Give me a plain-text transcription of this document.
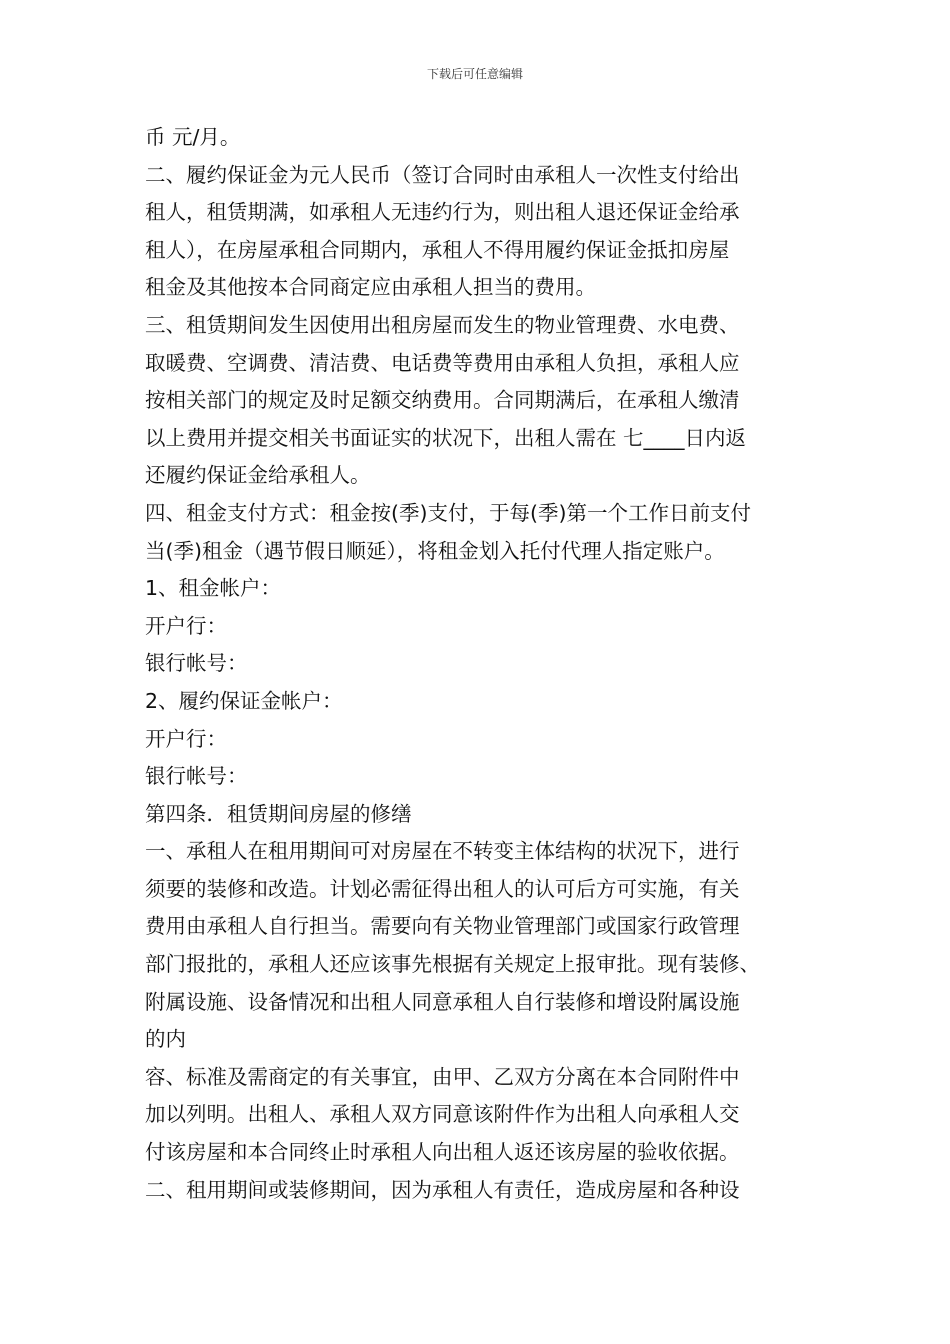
下载后可任意编辑
币 元/月。
二、履约保证金为元人民币（签订合同时由承租人一次性支付给出
租人，租赁期满，如承租人无违约行为，则出租人退还保证金给承
租人），在房屋承租合同期内，承租人不得用履约保证金抵扣房屋
租金及其他按本合同商定应由承租人担当的费用。
三、租赁期间发生因使用出租房屋而发生的物业管理费、水电费、
取暖费、空调费、清洁费、电话费等费用由承租人负担，承租人应
按相关部门的规定及时足额交纳费用。合同期满后，在承租人缴清
以上费用并提交相关书面证实的状况下，出租人需在 七____日内返
还履约保证金给承租人。
四、租金支付方式：租金按(季)支付，于每(季)第一个工作日前支付
当(季)租金（遇节假日顺延），将租金划入托付代理人指定账户。
1、租金帐户：
开户行：
银行帐号：
2、履约保证金帐户：
开户行：
银行帐号：
第四条．租赁期间房屋的修缮
一、承租人在租用期间可对房屋在不转变主体结构的状况下，进行
须要的装修和改造。计划必需征得出租人的认可后方可实施，有关
费用由承租人自行担当。需要向有关物业管理部门或国家行政管理
部门报批的，承租人还应该事先根据有关规定上报审批。现有装修、
附属设施、设备情况和出租人同意承租人自行装修和增设附属设施
的内
容、标准及需商定的有关事宜，由甲、乙双方分离在本合同附件中
加以列明。出租人、承租人双方同意该附件作为出租人向承租人交
付该房屋和本合同终止时承租人向出租人返还该房屋的验收依据。
二、租用期间或装修期间，因为承租人有责任，造成房屋和各种设
